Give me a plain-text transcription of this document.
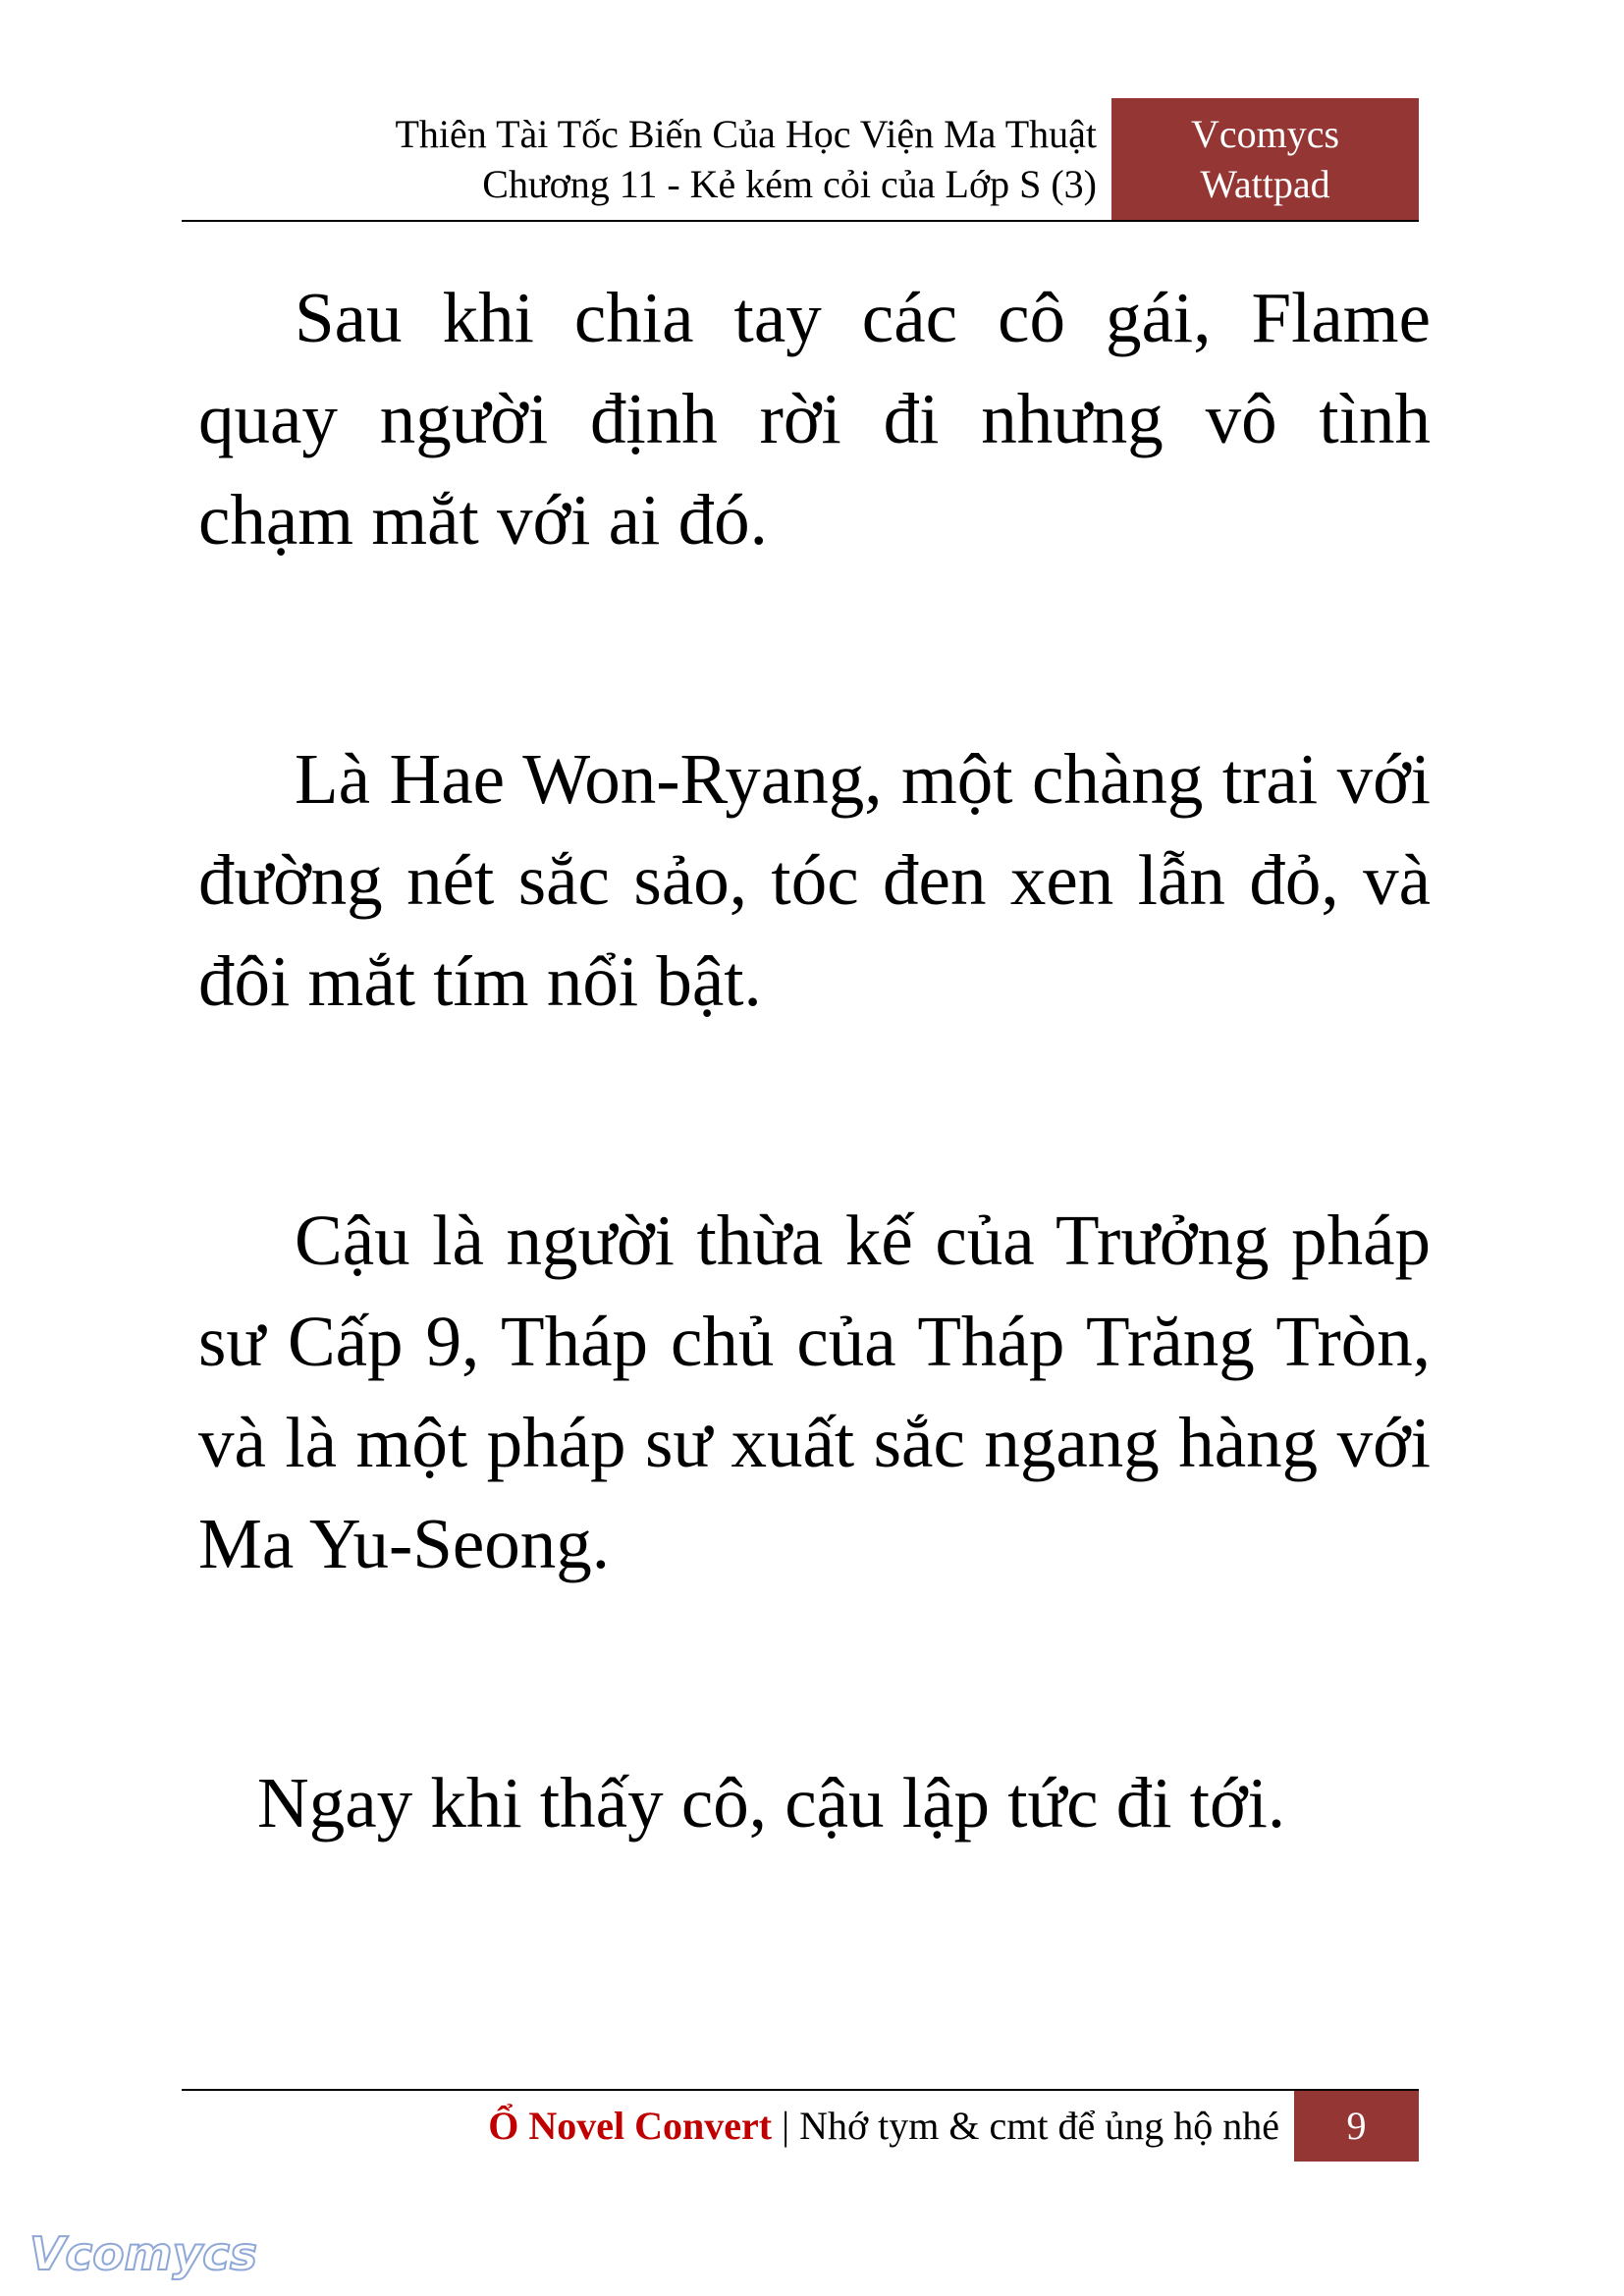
Thiên Tài Tốc Biến Của Học Viện Ma Thuật
Chương 11 - Kẻ kém cỏi của Lớp S (3)
Vcomycs
Wattpad

Sau khi chia tay các cô gái, Flame quay người định rời đi nhưng vô tình chạm mắt với ai đó.

Là Hae Won-Ryang, một chàng trai với đường nét sắc sảo, tóc đen xen lẫn đỏ, và đôi mắt tím nổi bật.

Cậu là người thừa kế của Trưởng pháp sư Cấp 9, Tháp chủ của Tháp Trăng Tròn, và là một pháp sư xuất sắc ngang hàng với Ma Yu-Seong.

Ngay khi thấy cô, cậu lập tức đi tới.

Ổ Novel Convert | Nhớ tym & cmt để ủng hộ nhé	9
Vcomycs
